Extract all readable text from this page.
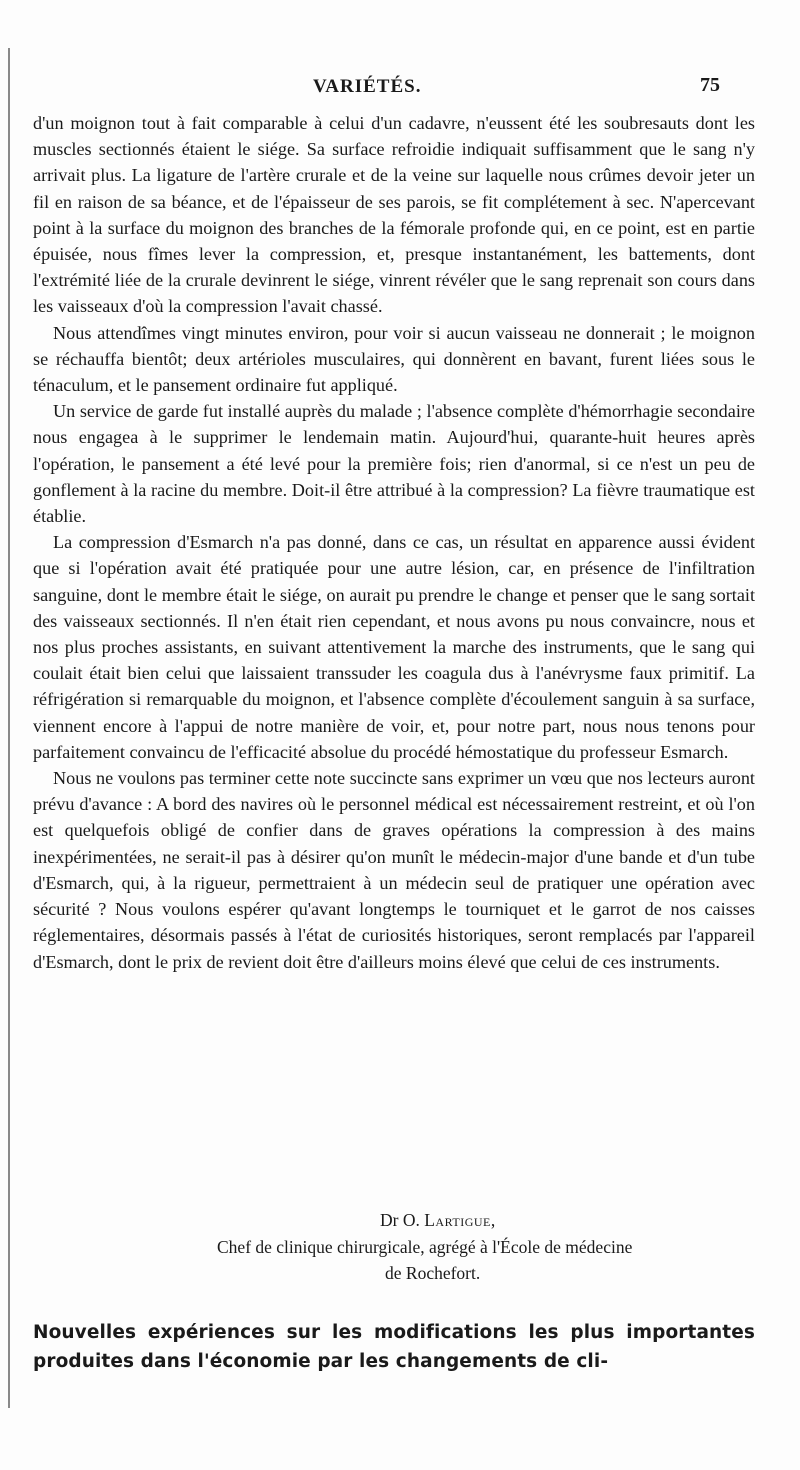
VARIÉTÉS.	75

d'un moignon tout à fait comparable à celui d'un cadavre, n'eussent été les soubresauts dont les muscles sectionnés étaient le siége. Sa surface refroidie indiquait suffisamment que le sang n'y arrivait plus. La ligature de l'artère crurale et de la veine sur laquelle nous crûmes devoir jeter un fil en raison de sa béance, et de l'épaisseur de ses parois, se fit complétement à sec. N'apercevant point à la surface du moignon des branches de la fémorale profonde qui, en ce point, est en partie épuisée, nous fîmes lever la compression, et, presque instantanément, les battements, dont l'extrémité liée de la crurale devinrent le siége, vinrent révéler que le sang reprenait son cours dans les vaisseaux d'où la compression l'avait chassé.

Nous attendîmes vingt minutes environ, pour voir si aucun vaisseau ne donnerait ; le moignon se réchauffa bientôt; deux artérioles musculaires, qui donnèrent en bavant, furent liées sous le ténaculum, et le pansement ordinaire fut appliqué.

Un service de garde fut installé auprès du malade ; l'absence complète d'hémorrhagie secondaire nous engagea à le supprimer le lendemain matin. Aujourd'hui, quarante-huit heures après l'opération, le pansement a été levé pour la première fois; rien d'anormal, si ce n'est un peu de gonflement à la racine du membre. Doit-il être attribué à la compression? La fièvre traumatique est établie.

La compression d'Esmarch n'a pas donné, dans ce cas, un résultat en apparence aussi évident que si l'opération avait été pratiquée pour une autre lésion, car, en présence de l'infiltration sanguine, dont le membre était le siége, on aurait pu prendre le change et penser que le sang sortait des vaisseaux sectionnés. Il n'en était rien cependant, et nous avons pu nous convaincre, nous et nos plus proches assistants, en suivant attentivement la marche des instruments, que le sang qui coulait était bien celui que laissaient transsuder les coagula dus à l'anévrysme faux primitif. La réfrigération si remarquable du moignon, et l'absence complète d'écoulement sanguin à sa surface, viennent encore à l'appui de notre manière de voir, et, pour notre part, nous nous tenons pour parfaitement convaincu de l'efficacité absolue du procédé hémostatique du professeur Esmarch.

Nous ne voulons pas terminer cette note succincte sans exprimer un vœu que nos lecteurs auront prévu d'avance : A bord des navires où le personnel médical est nécessairement restreint, et où l'on est quelquefois obligé de confier dans de graves opérations la compression à des mains inexpérimentées, ne serait-il pas à désirer qu'on munît le médecin-major d'une bande et d'un tube d'Esmarch, qui, à la rigueur, permettraient à un médecin seul de pratiquer une opération avec sécurité ? Nous voulons espérer qu'avant longtemps le tourniquet et le garrot de nos caisses réglementaires, désormais passés à l'état de curiosités historiques, seront remplacés par l'appareil d'Esmarch, dont le prix de revient doit être d'ailleurs moins élevé que celui de ces instruments.

Dr O. Lartigue,
Chef de clinique chirurgicale, agrégé à l'École de médecine
de Rochefort.
Nouvelles expériences sur les modifications les plus importantes produites dans l'économie par les changements de cli-
